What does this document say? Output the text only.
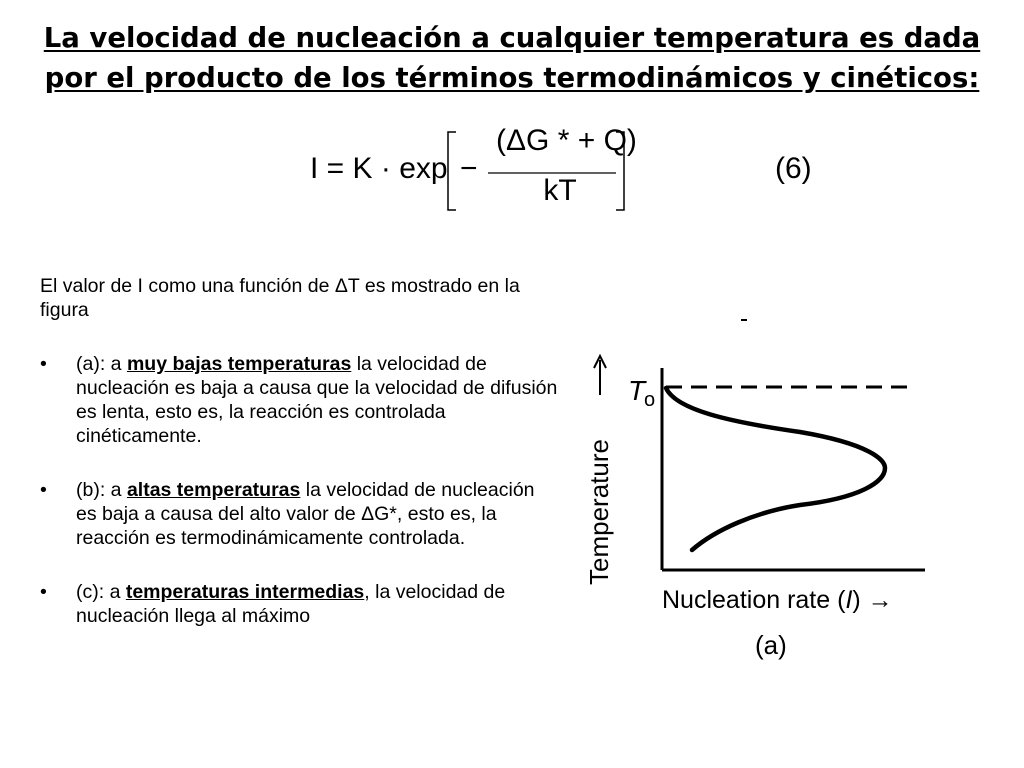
La velocidad de nucleación a cualquier temperatura es dada
por el producto de los términos termodinámicos y cinéticos:
I = K · exp −
(ΔG * + Q)
kT
(6)

El valor de I como una función de ΔT es mostrado en la figura

• (a): a muy bajas temperaturas la velocidad de nucleación es baja a causa que la velocidad de difusión es lenta, esto es, la reacción es controlada cinéticamente.
• (b): a altas temperaturas la velocidad de nucleación es baja a causa del alto valor de ΔG*, esto es, la reacción es termodinámicamente controlada.
• (c): a temperaturas intermedias, la velocidad de nucleación llega al máximo
T
o
Temperature
Nucleation rate (I) →
(a)
